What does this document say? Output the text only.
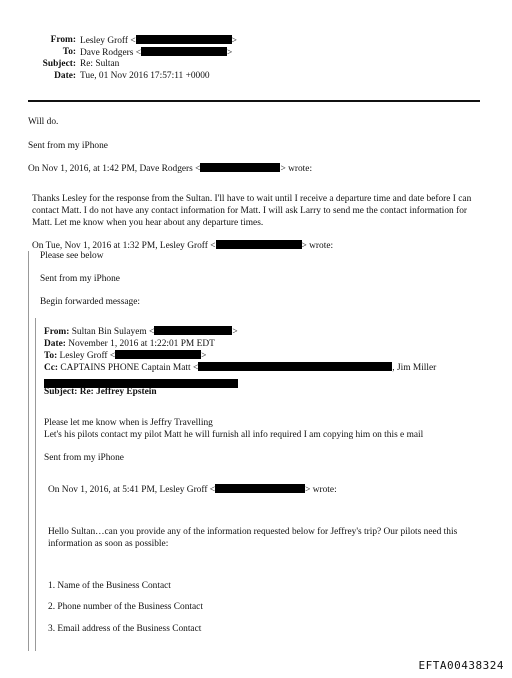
From: Lesley Groff <	>
To: Dave Rodgers <	>
Subject: Re: Sultan
Date: Tue, 01 Nov 2016 17:57:11 +0000
Will do.
Sent from my iPhone
On Nov 1, 2016, at 1:42 PM, Dave Rodgers <	> wrote:
Thanks Lesley for the response from the Sultan. I'll have to wait until I receive a departure time and date before I can contact Matt. I do not have any contact information for Matt. I will ask Larry to send me the contact information for Matt. Let me know when you hear about any departure times.
On Tue, Nov 1, 2016 at 1:32 PM, Lesley Groff <	> wrote:
Please see below
Sent from my iPhone
Begin forwarded message:
From: Sultan Bin Sulayem <	>
Date: November 1, 2016 at 1:22:01 PM EDT
To: Lesley Groff <	>
Cc: CAPTAINS PHONE Captain Matt <	, Jim Miller
Subject: Re: Jeffrey Epstein
Please let me know when is Jeffry Travelling
Let's his pilots contact my pilot Matt he will furnish all info required I am copying him on this e mail
Sent from my iPhone
On Nov 1, 2016, at 5:41 PM, Lesley Groff <	> wrote:
Hello Sultan…can you provide any of the information requested below for Jeffrey's trip? Our pilots need this information as soon as possible:
1. Name of the Business Contact
2. Phone number of the Business Contact
3. Email address of the Business Contact
EFTA00438324
